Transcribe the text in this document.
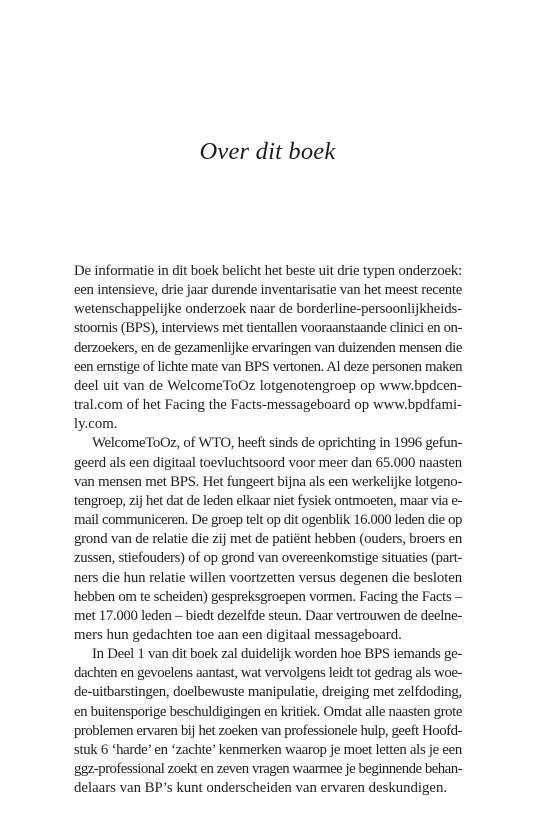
Over dit boek

De informatie in dit boek belicht het beste uit drie typen onderzoek:
een intensieve, drie jaar durende inventarisatie van het meest recente
wetenschappelijke onderzoek naar de borderline-persoonlijkheids-
stoornis (BPS), interviews met tientallen vooraanstaande clinici en on-
derzoekers, en de gezamenlijke ervaringen van duizenden mensen die
een ernstige of lichte mate van BPS vertonen. Al deze personen maken
deel uit van de WelcomeToOz lotgenotengroep op www.bpdcen-
tral.com of het Facing the Facts-messageboard op www.bpdfami-
ly.com.

WelcomeToOz, of WTO, heeft sinds de oprichting in 1996 gefun-
geerd als een digitaal toevluchtsoord voor meer dan 65.000 naasten
van mensen met BPS. Het fungeert bijna als een werkelijke lotgeno-
tengroep, zij het dat de leden elkaar niet fysiek ontmoeten, maar via e-
mail communiceren. De groep telt op dit ogenblik 16.000 leden die op
grond van de relatie die zij met de patiënt hebben (ouders, broers en
zussen, stiefouders) of op grond van overeenkomstige situaties (part-
ners die hun relatie willen voortzetten versus degenen die besloten
hebben om te scheiden) gespreksgroepen vormen. Facing the Facts –
met 17.000 leden – biedt dezelfde steun. Daar vertrouwen de deelne-
mers hun gedachten toe aan een digitaal messageboard.

In Deel 1 van dit boek zal duidelijk worden hoe BPS iemands ge-
dachten en gevoelens aantast, wat vervolgens leidt tot gedrag als woe-
de-uitbarstingen, doelbewuste manipulatie, dreiging met zelfdoding,
en buitensporige beschuldigingen en kritiek. Omdat alle naasten grote
problemen ervaren bij het zoeken van professionele hulp, geeft Hoofd-
stuk 6 ‘harde’ en ‘zachte’ kenmerken waarop je moet letten als je een
ggz-professional zoekt en zeven vragen waarmee je beginnende behan-
delaars van BP’s kunt onderscheiden van ervaren deskundigen.
